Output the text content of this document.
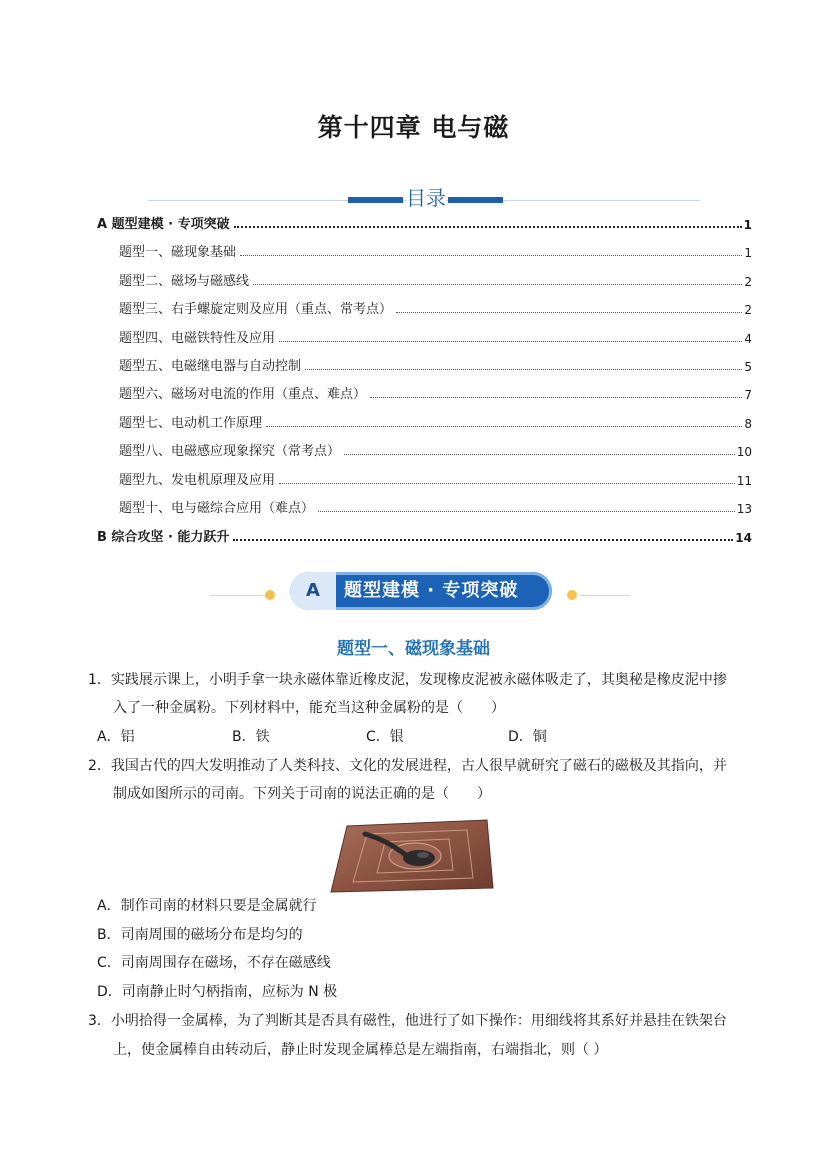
第十四章 电与磁
目录
A 题型建模 · 专项突破	1
题型一、磁现象基础	1
题型二、磁场与磁感线	2
题型三、右手螺旋定则及应用（重点、常考点）	2
题型四、电磁铁特性及应用	4
题型五、电磁继电器与自动控制	5
题型六、磁场对电流的作用（重点、难点）	7
题型七、电动机工作原理	8
题型八、电磁感应现象探究（常考点）	10
题型九、发电机原理及应用	11
题型十、电与磁综合应用（难点）	13
B 综合攻坚 · 能力跃升	14
A	题型建模 · 专项突破
题型一、磁现象基础
1．实践展示课上，小明手拿一块永磁体靠近橡皮泥，发现橡皮泥被永磁体吸走了，其奥秘是橡皮泥中掺
入了一种金属粉。下列材料中，能充当这种金属粉的是（　　）
A．铝	B．铁	C．银	D．铜
2．我国古代的四大发明推动了人类科技、文化的发展进程，古人很早就研究了磁石的磁极及其指向，并
制成如图所示的司南。下列关于司南的说法正确的是（　　）
A．制作司南的材料只要是金属就行
B．司南周围的磁场分布是均匀的
C．司南周围存在磁场，不存在磁感线
D．司南静止时勺柄指南，应标为 N 极
3．小明拾得一金属棒，为了判断其是否具有磁性，他进行了如下操作：用细线将其系好并悬挂在铁架台
上，使金属棒自由转动后，静止时发现金属棒总是左端指南，右端指北，则（ ）
